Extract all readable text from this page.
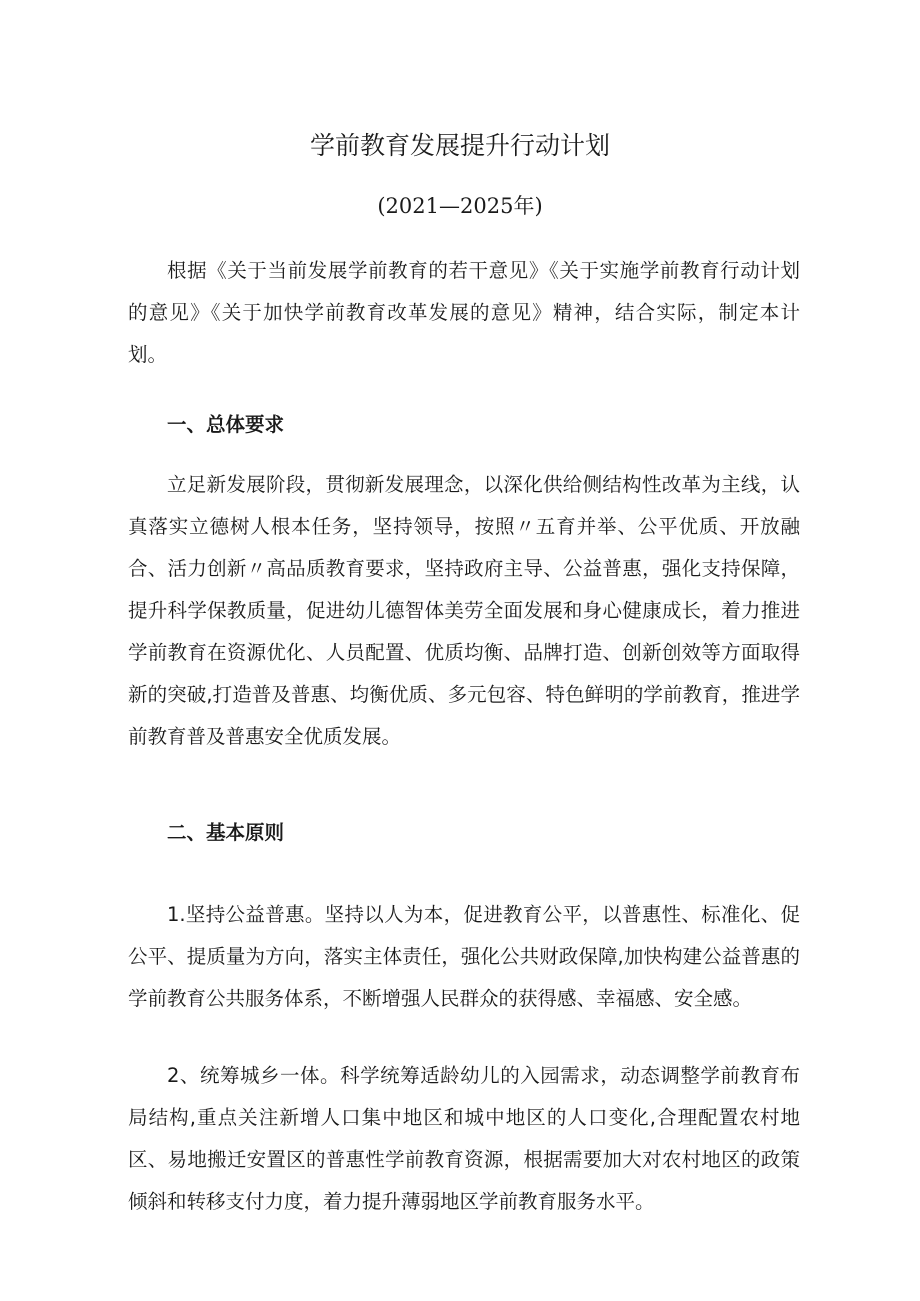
学前教育发展提升行动计划

(2021—2025年)

根据《关于当前发展学前教育的若干意见》《关于实施学前教育行动计划的意见》《关于加快学前教育改革发展的意见》精神，结合实际，制定本计划。

一、总体要求

立足新发展阶段，贯彻新发展理念，以深化供给侧结构性改革为主线，认真落实立德树人根本任务，坚持领导，按照〃五育并举、公平优质、开放融合、活力创新〃高品质教育要求，坚持政府主导、公益普惠，强化支持保障，提升科学保教质量，促进幼儿德智体美劳全面发展和身心健康成长，着力推进学前教育在资源优化、人员配置、优质均衡、品牌打造、创新创效等方面取得新的突破,打造普及普惠、均衡优质、多元包容、特色鲜明的学前教育，推进学前教育普及普惠安全优质发展。

二、基本原则

1.坚持公益普惠。坚持以人为本，促进教育公平，以普惠性、标准化、促公平、提质量为方向，落实主体责任，强化公共财政保障,加快构建公益普惠的学前教育公共服务体系，不断增强人民群众的获得感、幸福感、安全感。

2、统筹城乡一体。科学统筹适龄幼儿的入园需求，动态调整学前教育布局结构,重点关注新增人口集中地区和城中地区的人口变化,合理配置农村地区、易地搬迁安置区的普惠性学前教育资源，根据需要加大对农村地区的政策倾斜和转移支付力度，着力提升薄弱地区学前教育服务水平。
